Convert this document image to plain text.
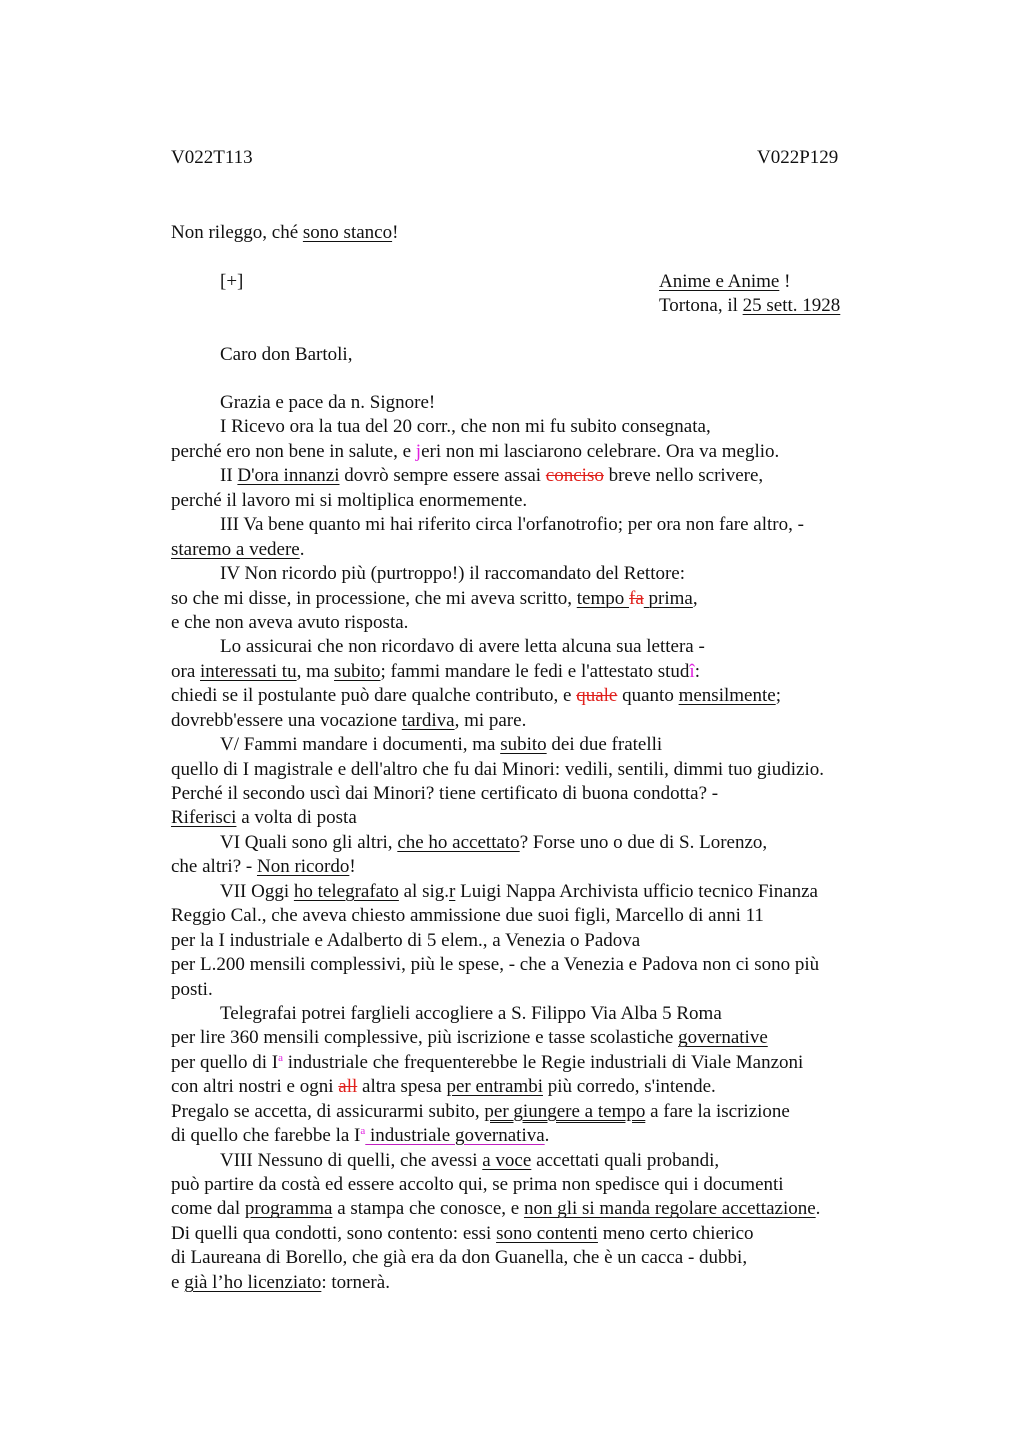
V022T113	V022P129
Non rileggo, ché sono stanco!
[+]	Anime e Anime !
Tortona, il 25 sett. 1928
Caro don Bartoli,
Grazia e pace da n. Signore!
I Ricevo ora la tua del 20 corr., che non mi fu subito consegnata,
perché ero non bene in salute, e jeri non mi lasciarono celebrare. Ora va meglio.
II D'ora innanzi dovrò sempre essere assai conciso breve nello scrivere,
perché il lavoro mi si moltiplica enormemente.
III Va bene quanto mi hai riferito circa l'orfanotrofio; per ora non fare altro, -
staremo a vedere.
IV Non ricordo più (purtroppo!) il raccomandato del Rettore:
so che mi disse, in processione, che mi aveva scritto, tempo fa prima,
e che non aveva avuto risposta.
Lo assicurai che non ricordavo di avere letta alcuna sua lettera -
ora interessati tu, ma subito; fammi mandare le fedi e l'attestato studî:
chiedi se il postulante può dare qualche contributo, e quale quanto mensilmente;
dovrebb'essere una vocazione tardiva, mi pare.
V/ Fammi mandare i documenti, ma subito dei due fratelli
quello di I magistrale e dell'altro che fu dai Minori: vedili, sentili, dimmi tuo giudizio.
Perché il secondo uscì dai Minori? tiene certificato di buona condotta? -
Riferisci a volta di posta
VI Quali sono gli altri, che ho accettato? Forse uno o due di S. Lorenzo,
che altri? - Non ricordo!
VII Oggi ho telegrafato al sig.r Luigi Nappa Archivista ufficio tecnico Finanza
Reggio Cal., che aveva chiesto ammissione due suoi figli, Marcello di anni 11
per la I industriale e Adalberto di 5 elem., a Venezia o Padova
per L.200 mensili complessivi, più le spese, - che a Venezia e Padova non ci sono più
posti.
Telegrafai potrei farglieli accogliere a S. Filippo Via Alba 5 Roma
per lire 360 mensili complessive, più iscrizione e tasse scolastiche governative
per quello di $I^a$ industriale che frequenterebbe le Regie industriali di Viale Manzoni
con altri nostri e ogni all altra spesa per entrambi più corredo, s'intende.
Pregalo se accetta, di assicurarmi subito, per giungere a tempo a fare la iscrizione
di quello che farebbe la $I^a$ industriale governativa.
VIII Nessuno di quelli, che avessi a voce accettati quali probandi,
può partire da costà ed essere accolto qui, se prima non spedisce qui i documenti
come dal programma a stampa che conosce, e non gli si manda regolare accettazione.
Di quelli qua condotti, sono contento: essi sono contenti meno certo chierico
di Laureana di Borello, che già era da don Guanella, che è un cacca - dubbi,
e già l’ho licenziato: tornerà.
